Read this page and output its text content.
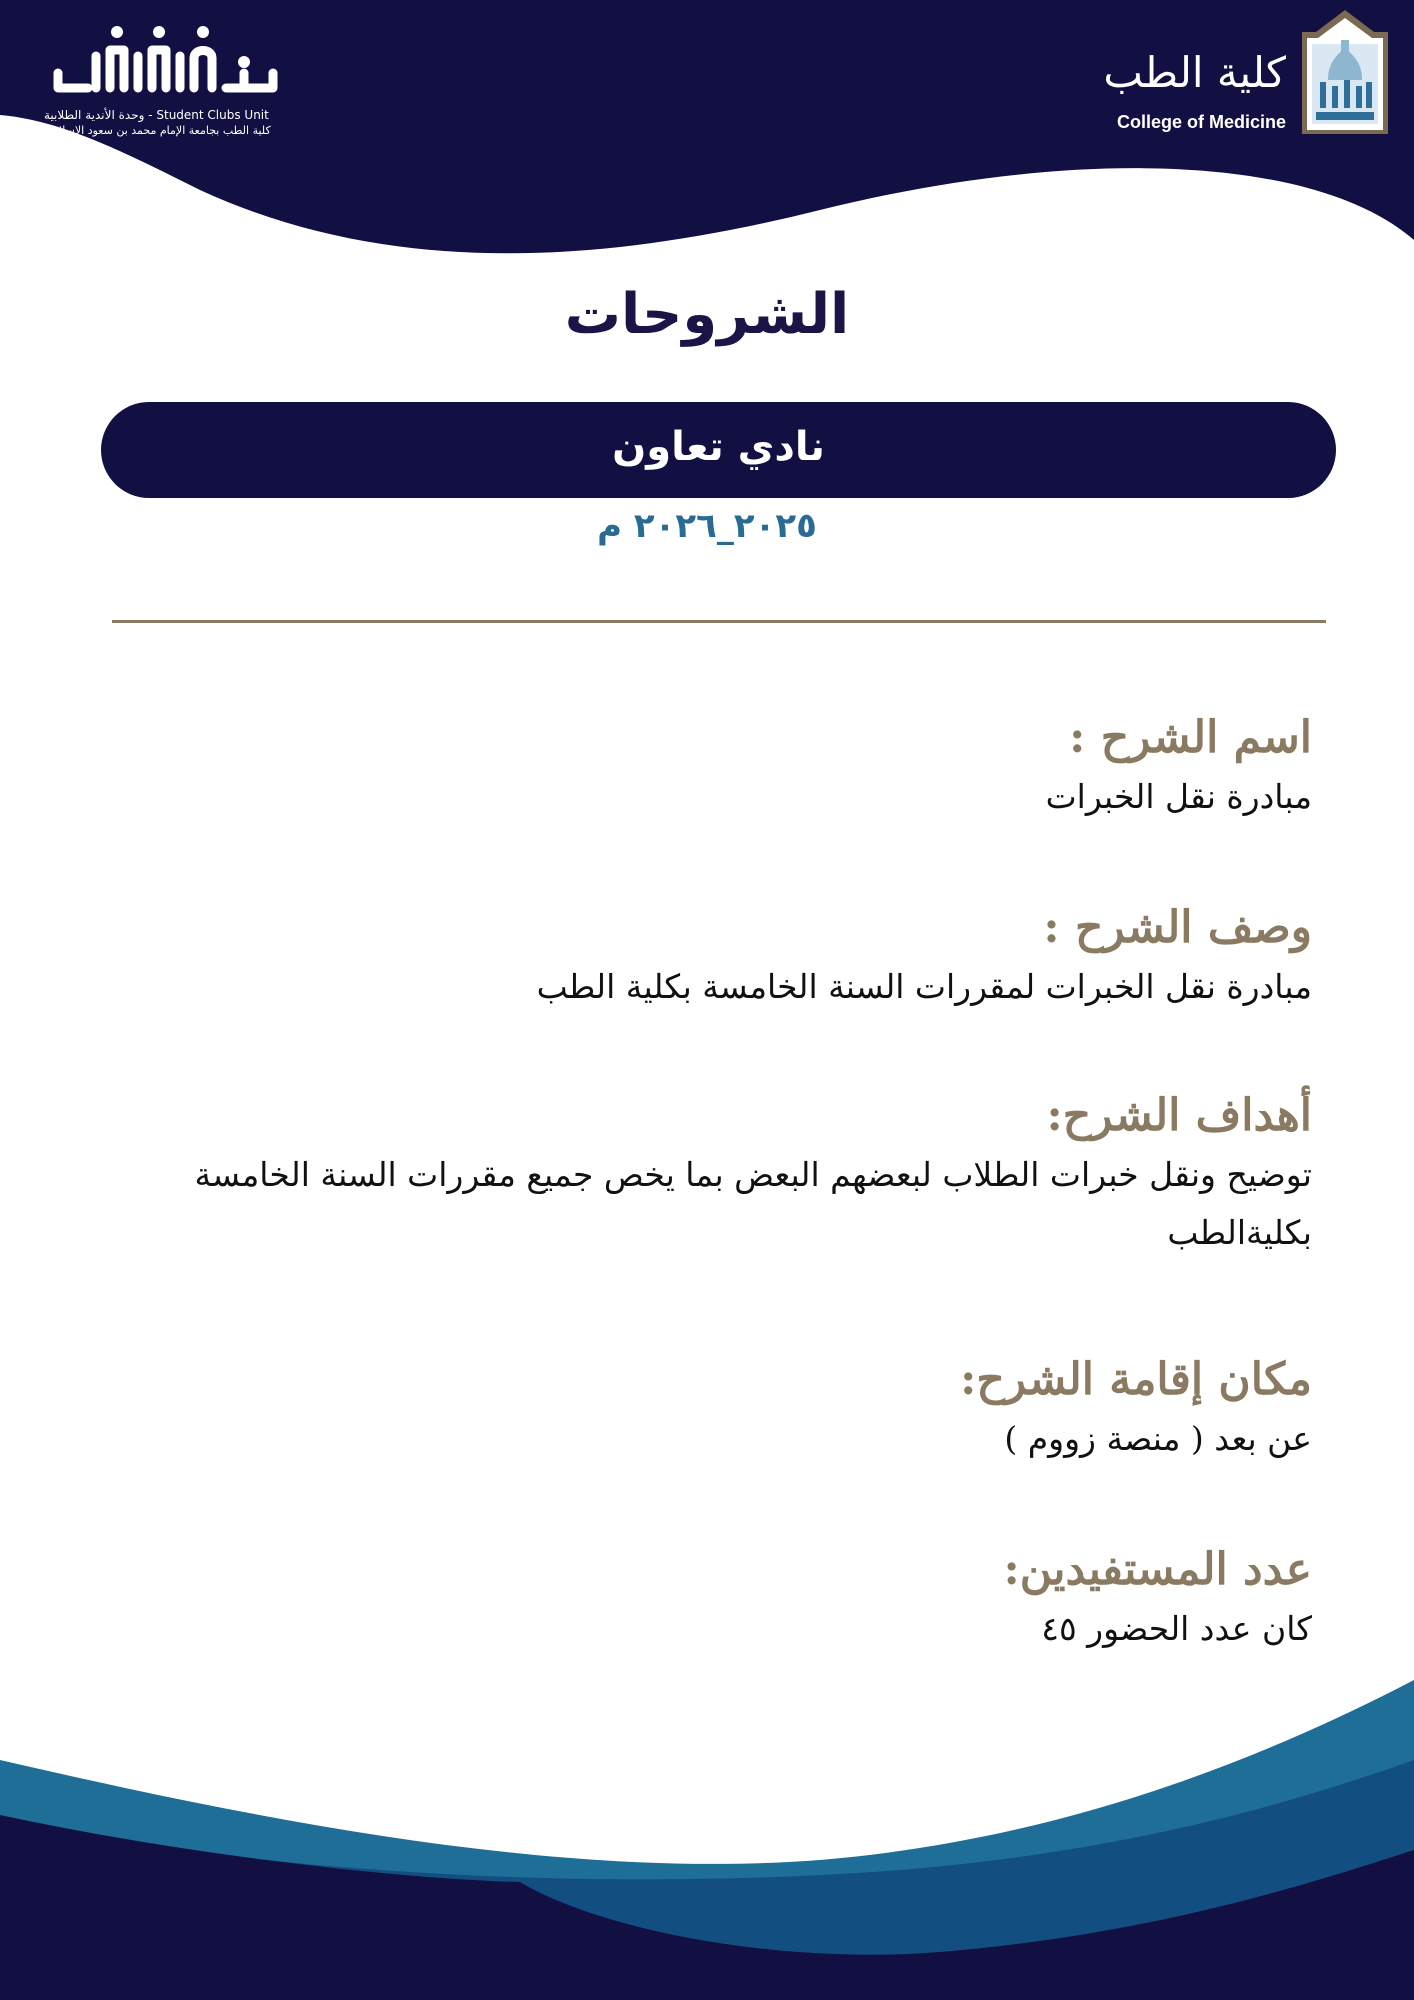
وحدة الأندية الطلابية - Student Clubs Unit
كلية الطب بجامعة الإمام محمد بن سعود الإسلامية
كلية الطب
College of Medicine
الشروحات
نادي تعاون
٢٠٢٥_٢٠٢٦ م
اسم الشرح :
مبادرة نقل الخبرات
وصف الشرح :
مبادرة نقل الخبرات لمقررات السنة الخامسة بكلية الطب
أهداف الشرح:
توضيح ونقل خبرات الطلاب لبعضهم البعض بما يخص جميع مقررات السنة الخامسة بكليةالطب
مكان إقامة الشرح:
عن بعد ( منصة زووم )
عدد المستفيدين:
كان عدد الحضور ٤٥
